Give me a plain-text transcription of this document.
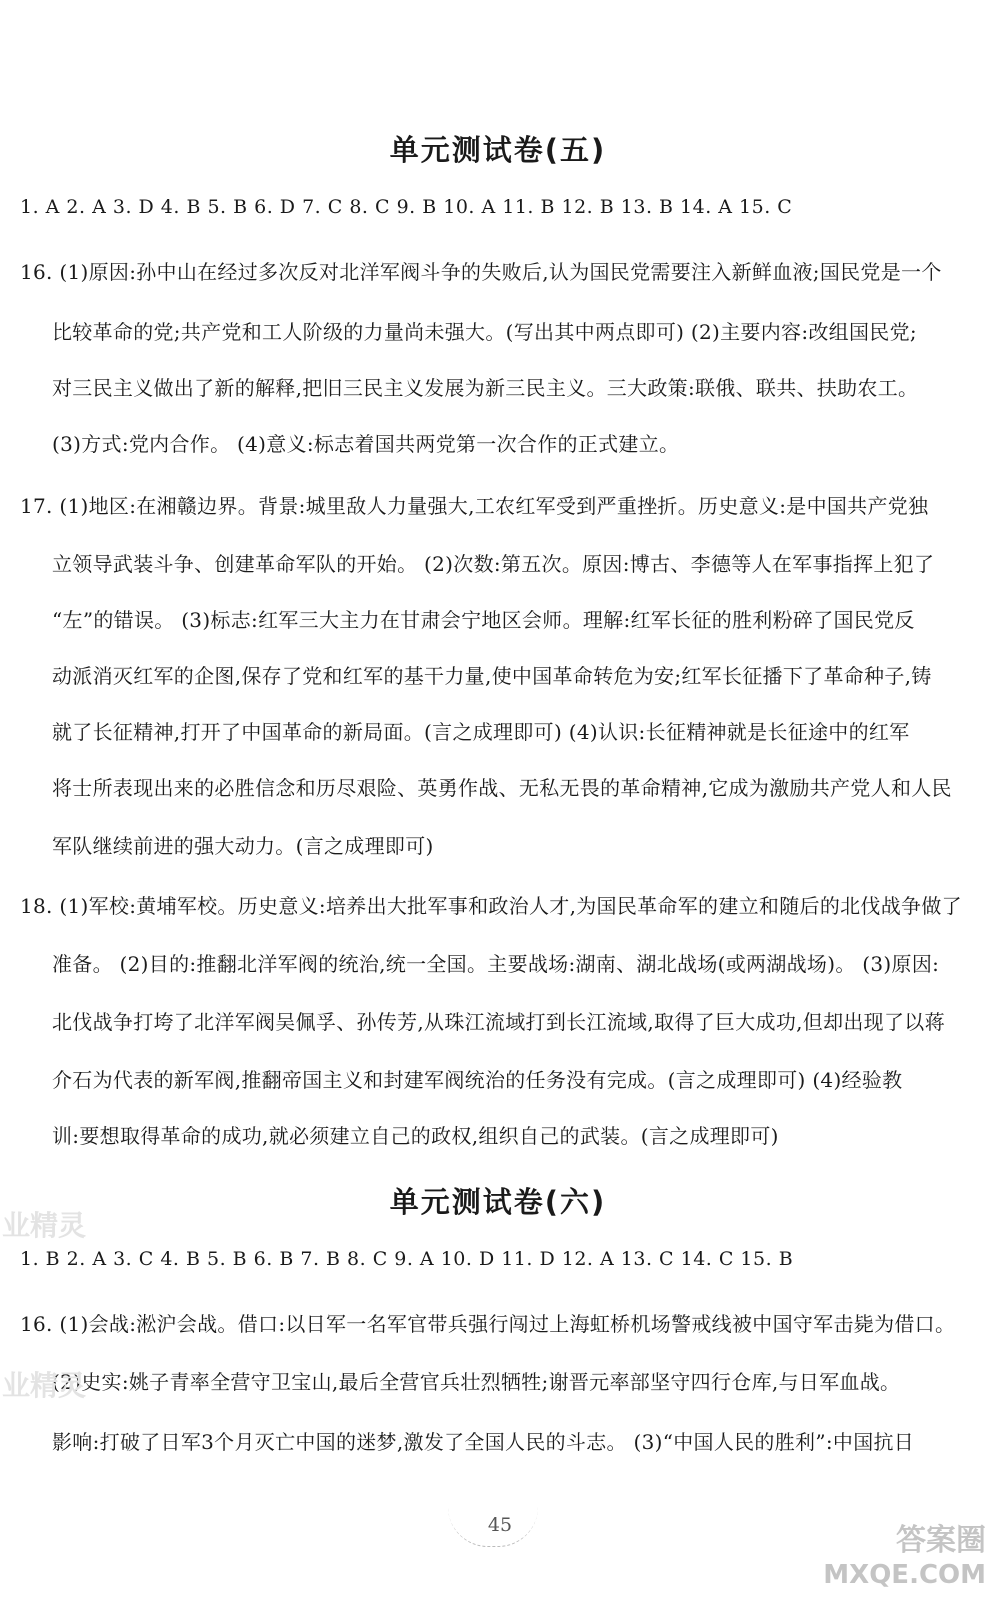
单元测试卷(五)
1. A 2. A 3. D 4. B 5. B 6. D 7. C 8. C 9. B 10. A 11. B 12. B 13. B 14. A 15. C
16. (1)原因:孙中山在经过多次反对北洋军阀斗争的失败后,认为国民党需要注入新鲜血液;国民党是一个
比较革命的党;共产党和工人阶级的力量尚未强大。(写出其中两点即可) (2)主要内容:改组国民党;
对三民主义做出了新的解释,把旧三民主义发展为新三民主义。三大政策:联俄、联共、扶助农工。
(3)方式:党内合作。 (4)意义:标志着国共两党第一次合作的正式建立。
17. (1)地区:在湘赣边界。背景:城里敌人力量强大,工农红军受到严重挫折。历史意义:是中国共产党独
立领导武装斗争、创建革命军队的开始。 (2)次数:第五次。原因:博古、李德等人在军事指挥上犯了
“左”的错误。 (3)标志:红军三大主力在甘肃会宁地区会师。理解:红军长征的胜利粉碎了国民党反
动派消灭红军的企图,保存了党和红军的基干力量,使中国革命转危为安;红军长征播下了革命种子,铸
就了长征精神,打开了中国革命的新局面。(言之成理即可) (4)认识:长征精神就是长征途中的红军
将士所表现出来的必胜信念和历尽艰险、英勇作战、无私无畏的革命精神,它成为激励共产党人和人民
军队继续前进的强大动力。(言之成理即可)
18. (1)军校:黄埔军校。历史意义:培养出大批军事和政治人才,为国民革命军的建立和随后的北伐战争做了
准备。 (2)目的:推翻北洋军阀的统治,统一全国。主要战场:湖南、湖北战场(或两湖战场)。 (3)原因:
北伐战争打垮了北洋军阀吴佩孚、孙传芳,从珠江流域打到长江流域,取得了巨大成功,但却出现了以蒋
介石为代表的新军阀,推翻帝国主义和封建军阀统治的任务没有完成。(言之成理即可) (4)经验教
训:要想取得革命的成功,就必须建立自己的政权,组织自己的武装。(言之成理即可)
单元测试卷(六)
1. B 2. A 3. C 4. B 5. B 6. B 7. B 8. C 9. A 10. D 11. D 12. A 13. C 14. C 15. B
16. (1)会战:淞沪会战。借口:以日军一名军官带兵强行闯过上海虹桥机场警戒线被中国守军击毙为借口。
(2)史实:姚子青率全营守卫宝山,最后全营官兵壮烈牺牲;谢晋元率部坚守四行仓库,与日军血战。
影响:打破了日军3个月灭亡中国的迷梦,激发了全国人民的斗志。 (3)“中国人民的胜利”:中国抗日
45
业精灵
业精灵
答案圈
MXQE.COM
